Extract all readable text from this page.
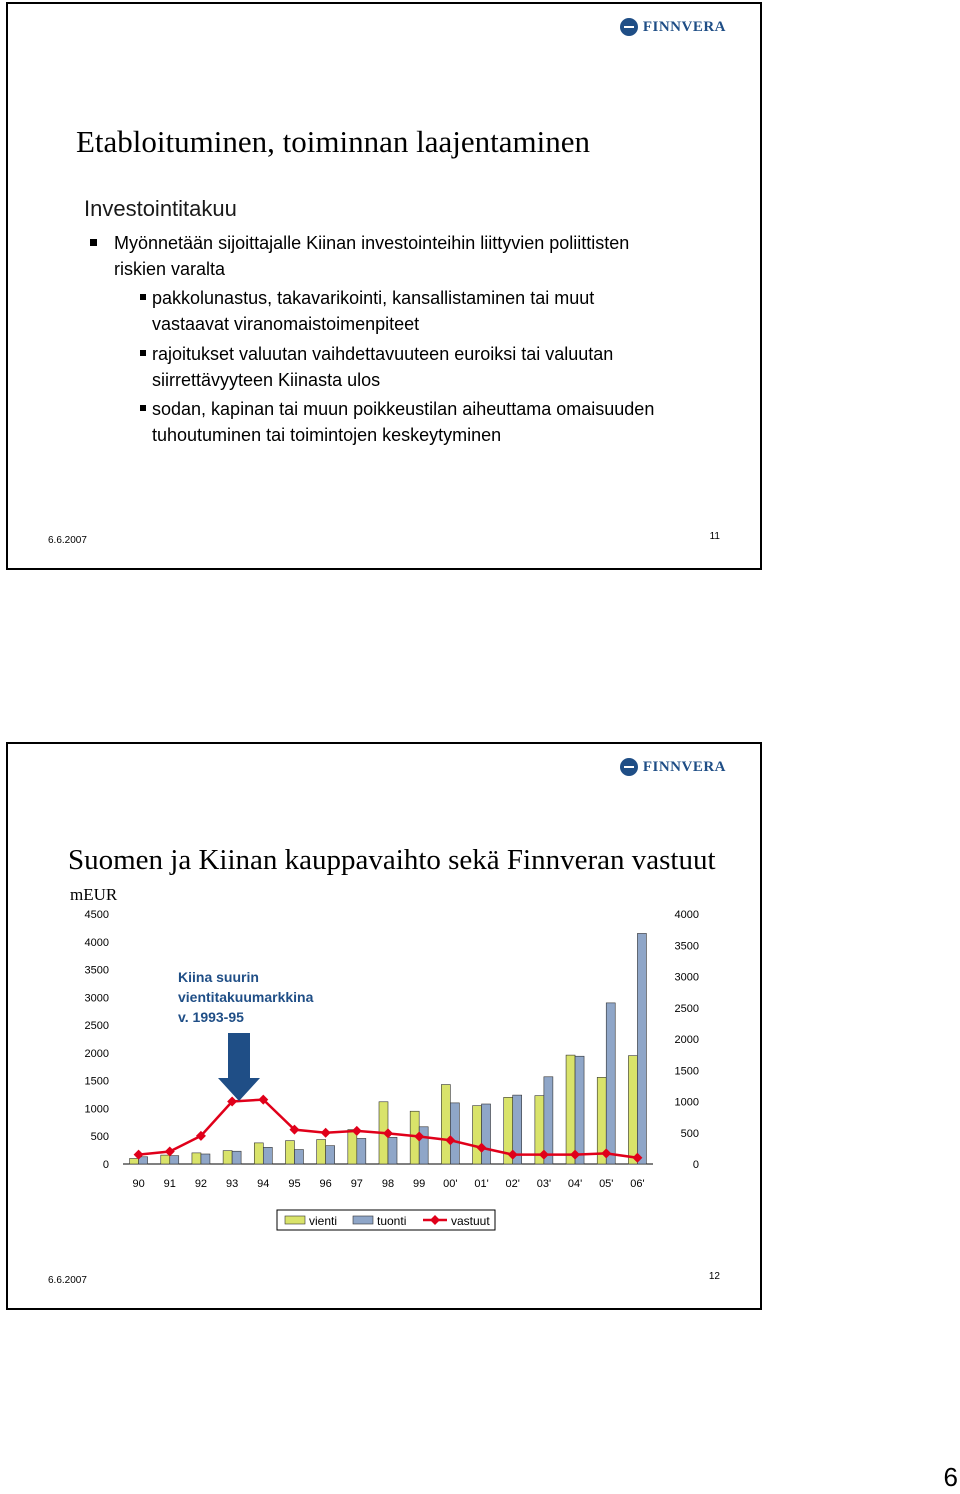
FINNVERA
Etabloituminen, toiminnan laajentaminen
Investointitakuu
Myönnetään sijoittajalle Kiinan investointeihin liittyvien poliittisten riskien varalta
pakkolunastus, takavarikointi, kansallistaminen tai muut vastaavat viranomaistoimenpiteet
rajoitukset valuutan vaihdettavuuteen euroiksi tai valuutan siirrettävyyteen Kiinasta ulos
sodan, kapinan tai muun poikkeustilan aiheuttama omaisuuden tuhoutuminen tai toimintojen keskeytyminen
6.6.2007	11
FINNVERA
Suomen ja Kiinan kauppavaihto sekä Finnveran vastuut
mEUR
0
500
1000
1500
2000
2500
3000
3500
4000
4500
0
500
1000
1500
2000
2500
3000
3500
4000
90 91 92 93 94 95 96 97 98 99 00' 01' 02' 03' 04' 05' 06'
Kiina suurin
vientitakuumarkkina
v. 1993-95
vienti	tuonti	vastuut
6.6.2007	12
6
